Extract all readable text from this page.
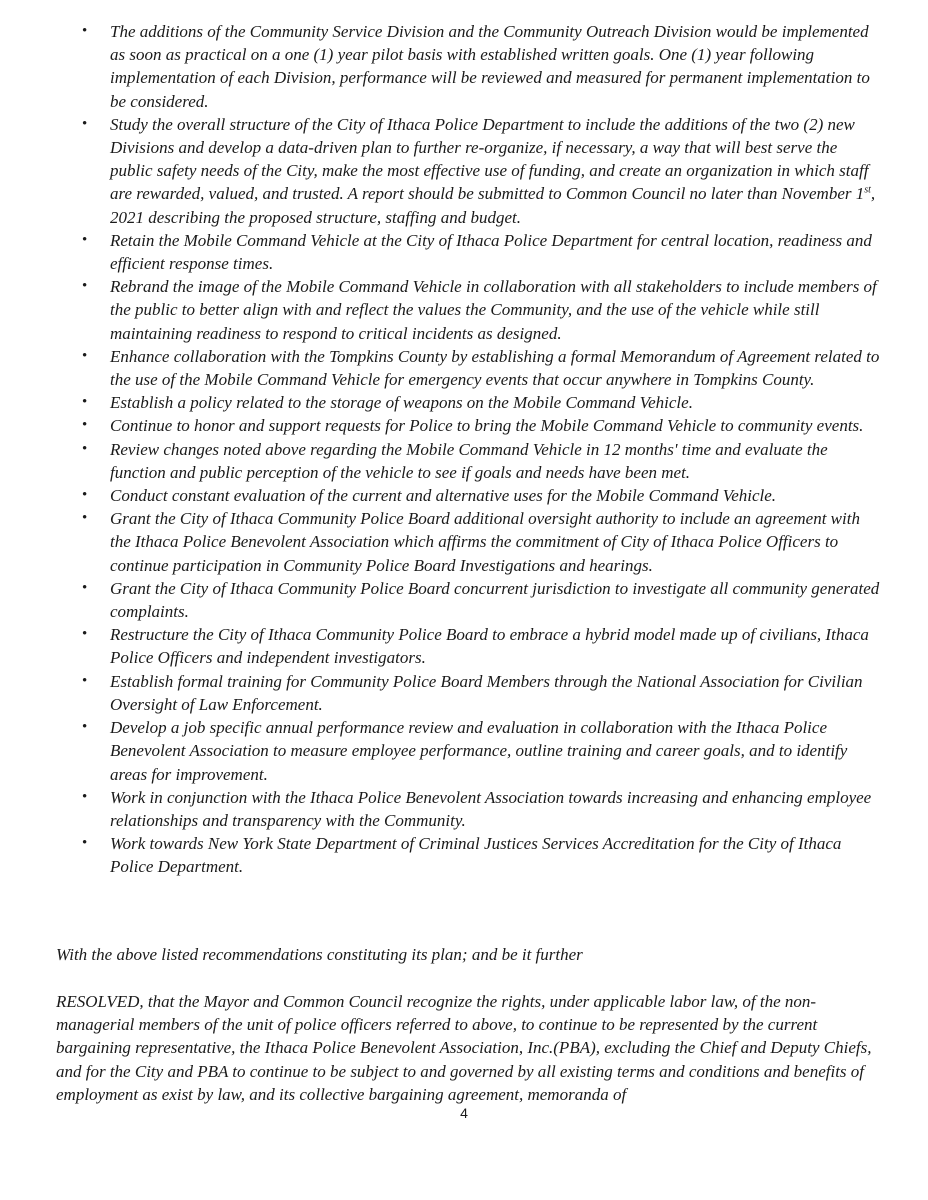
• The additions of the Community Service Division and the Community Outreach Division would be implemented as soon as practical on a one (1) year pilot basis with established written goals. One (1) year following implementation of each Division, performance will be reviewed and measured for permanent implementation to be considered.
• Study the overall structure of the City of Ithaca Police Department to include the additions of the two (2) new Divisions and develop a data-driven plan to further re-organize, if necessary, a way that will best serve the public safety needs of the City, make the most effective use of funding, and create an organization in which staff are rewarded, valued, and trusted. A report should be submitted to Common Council no later than November 1st, 2021 describing the proposed structure, staffing and budget.
• Retain the Mobile Command Vehicle at the City of Ithaca Police Department for central location, readiness and efficient response times.
• Rebrand the image of the Mobile Command Vehicle in collaboration with all stakeholders to include members of the public to better align with and reflect the values the Community, and the use of the vehicle while still maintaining readiness to respond to critical incidents as designed.
• Enhance collaboration with the Tompkins County by establishing a formal Memorandum of Agreement related to the use of the Mobile Command Vehicle for emergency events that occur anywhere in Tompkins County.
• Establish a policy related to the storage of weapons on the Mobile Command Vehicle.
• Continue to honor and support requests for Police to bring the Mobile Command Vehicle to community events.
• Review changes noted above regarding the Mobile Command Vehicle in 12 months' time and evaluate the function and public perception of the vehicle to see if goals and needs have been met.
• Conduct constant evaluation of the current and alternative uses for the Mobile Command Vehicle.
• Grant the City of Ithaca Community Police Board additional oversight authority to include an agreement with the Ithaca Police Benevolent Association which affirms the commitment of City of Ithaca Police Officers to continue participation in Community Police Board Investigations and hearings.
• Grant the City of Ithaca Community Police Board concurrent jurisdiction to investigate all community generated complaints.
• Restructure the City of Ithaca Community Police Board to embrace a hybrid model made up of civilians, Ithaca Police Officers and independent investigators.
• Establish formal training for Community Police Board Members through the National Association for Civilian Oversight of Law Enforcement.
• Develop a job specific annual performance review and evaluation in collaboration with the Ithaca Police Benevolent Association to measure employee performance, outline training and career goals, and to identify areas for improvement.
• Work in conjunction with the Ithaca Police Benevolent Association towards increasing and enhancing employee relationships and transparency with the Community.
• Work towards New York State Department of Criminal Justices Services Accreditation for the City of Ithaca Police Department.

With the above listed recommendations constituting its plan; and be it further

RESOLVED, that the Mayor and Common Council recognize the rights, under applicable labor law, of the non-managerial members of the unit of police officers referred to above, to continue to be represented by the current bargaining representative, the Ithaca Police Benevolent Association, Inc.(PBA), excluding the Chief and Deputy Chiefs, and for the City and PBA to continue to be subject to and governed by all existing terms and conditions and benefits of employment as exist by law, and its collective bargaining agreement, memoranda of

4
